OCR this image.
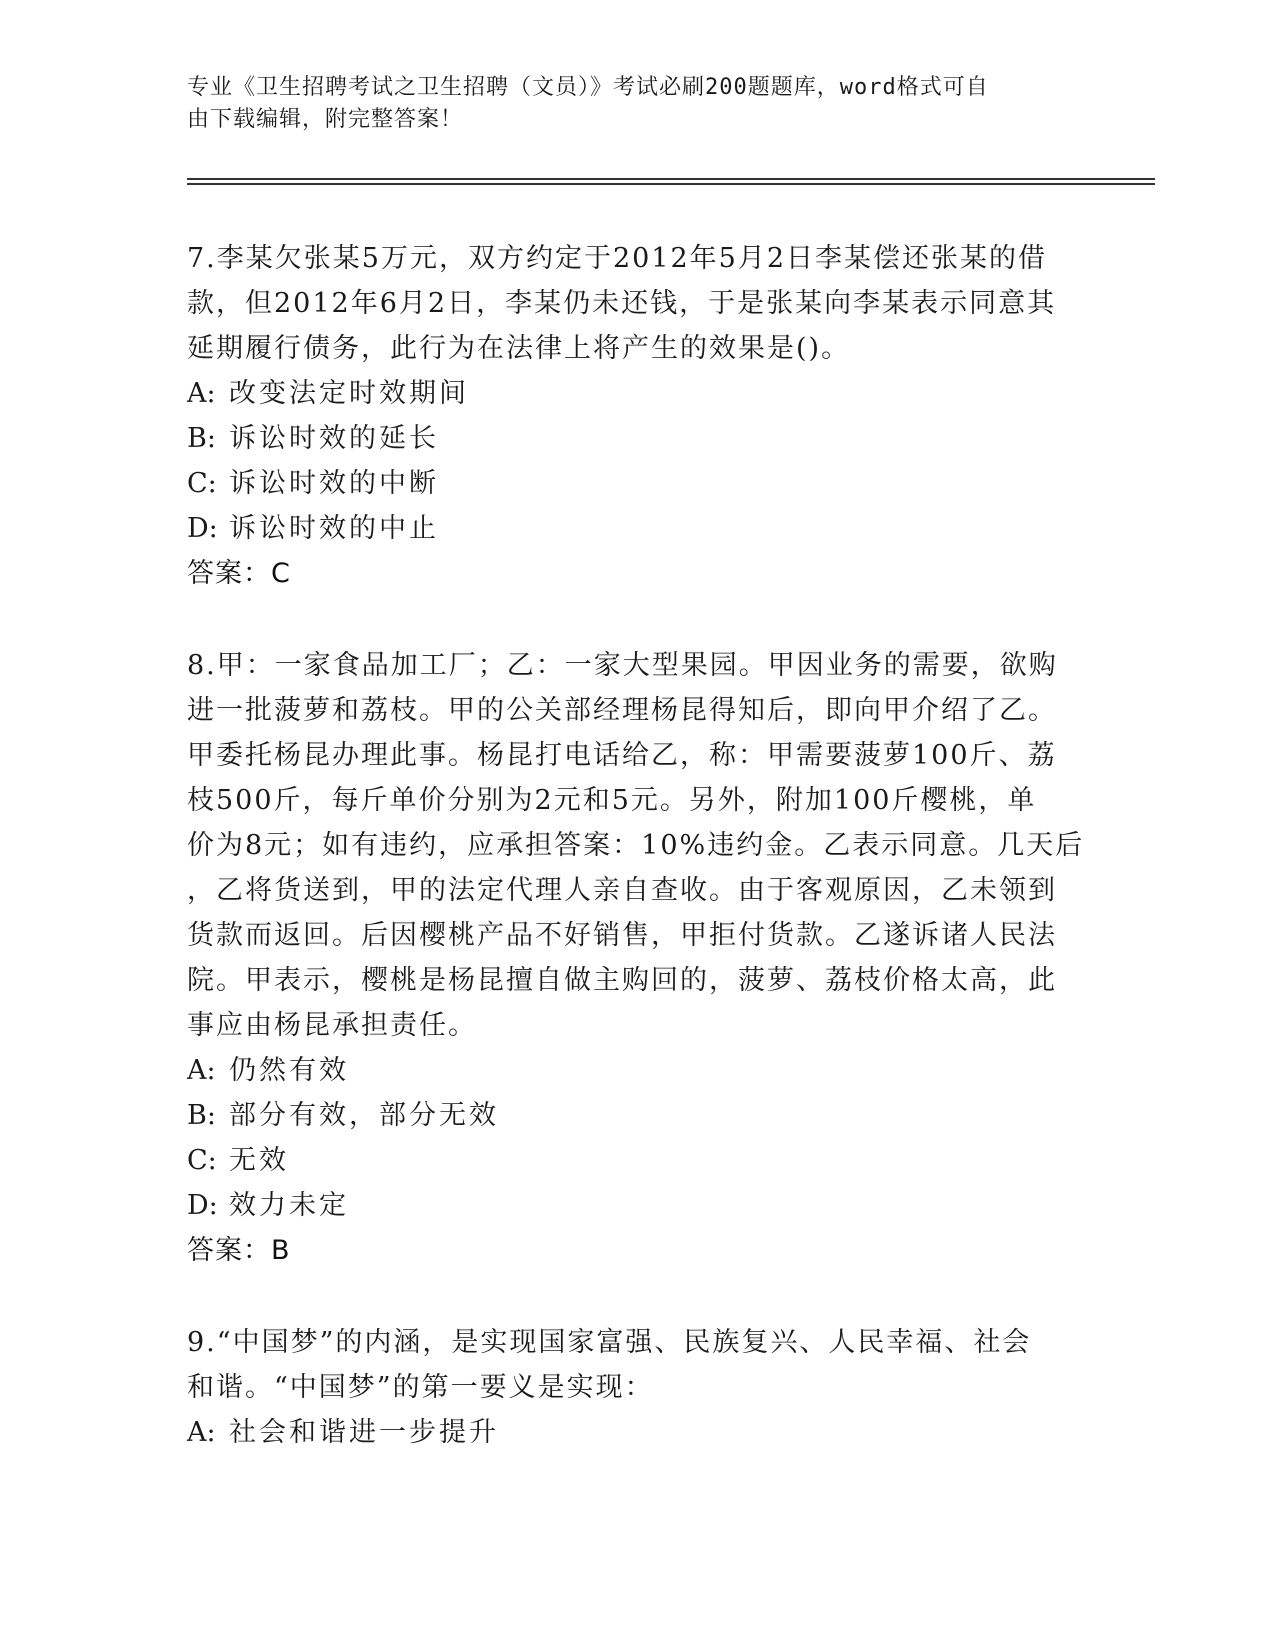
专业《卫生招聘考试之卫生招聘（文员）》考试必刷200题题库，word格式可自
由下载编辑，附完整答案！

7.李某欠张某5万元，双方约定于2012年5月2日李某偿还张某的借

款，但2012年6月2日，李某仍未还钱，于是张某向李某表示同意其

延期履行债务，此行为在法律上将产生的效果是()。

A: 改变法定时效期间

B: 诉讼时效的延长

C: 诉讼时效的中断

D: 诉讼时效的中止

答案：C

8.甲：一家食品加工厂；乙：一家大型果园。甲因业务的需要，欲购

进一批菠萝和荔枝。甲的公关部经理杨昆得知后，即向甲介绍了乙。

甲委托杨昆办理此事。杨昆打电话给乙，称：甲需要菠萝100斤、荔

枝500斤，每斤单价分别为2元和5元。另外，附加100斤樱桃，单

价为8元；如有违约，应承担答案：10%违约金。乙表示同意。几天后

，乙将货送到，甲的法定代理人亲自查收。由于客观原因，乙未领到

货款而返回。后因樱桃产品不好销售，甲拒付货款。乙遂诉诸人民法

院。甲表示，樱桃是杨昆擅自做主购回的，菠萝、荔枝价格太高，此

事应由杨昆承担责任。

A: 仍然有效

B: 部分有效，部分无效

C: 无效

D: 效力未定

答案：B

9.“中国梦”的内涵，是实现国家富强、民族复兴、人民幸福、社会

和谐。“中国梦”的第一要义是实现：

A: 社会和谐进一步提升
